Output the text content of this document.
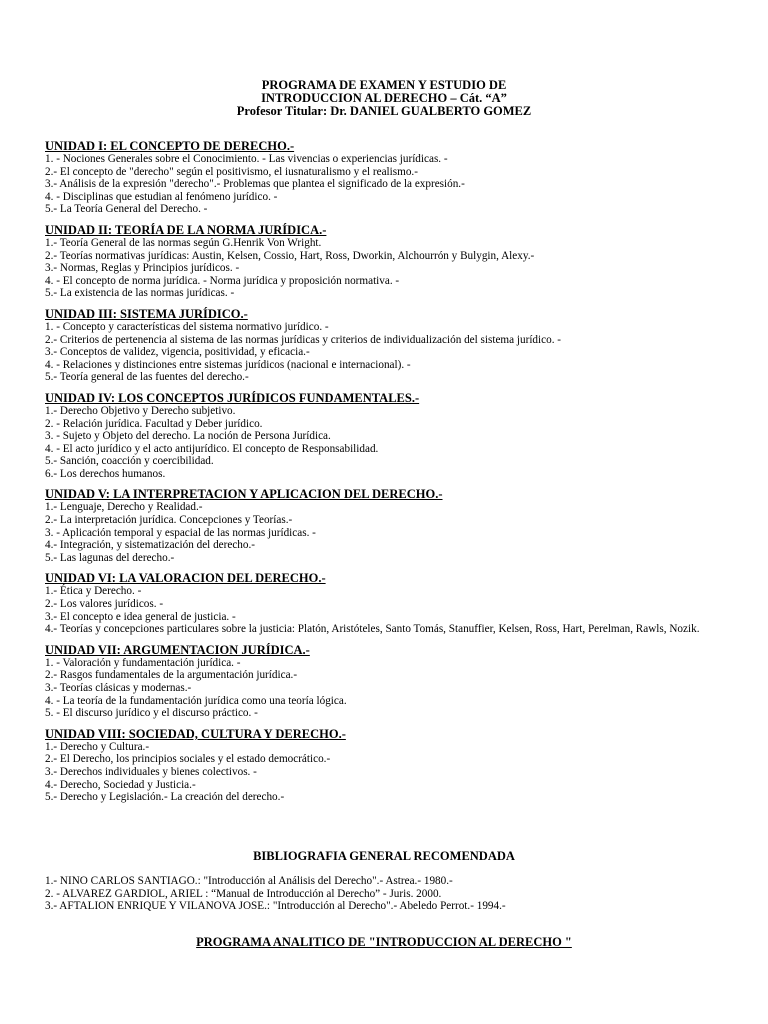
PROGRAMA DE EXAMEN Y ESTUDIO DE
INTRODUCCION AL DERECHO – Cát. “A”
Profesor Titular: Dr. DANIEL GUALBERTO GOMEZ
UNIDAD I: EL CONCEPTO DE DERECHO.-
1. - Nociones Generales sobre el Conocimiento. - Las vivencias o experiencias jurídicas. -
2.- El concepto de "derecho" según el positivismo, el iusnaturalismo y el realismo.-
3.- Análisis de la expresión "derecho".- Problemas que plantea el significado de la expresión.-
4. - Disciplinas que estudian al fenómeno jurídico. -
5.- La Teoría General del Derecho. -
UNIDAD II: TEORÍA DE LA NORMA JURÍDICA.-
1.- Teoría General de las normas según G.Henrik Von Wright.
2.- Teorías normativas jurídicas: Austin, Kelsen, Cossio, Hart, Ross, Dworkin, Alchourrón y Bulygin, Alexy.-
3.- Normas, Reglas y Principios jurídicos. -
4. - El concepto de norma jurídica. - Norma jurídica y proposición normativa. -
5.- La existencia de las normas jurídicas. -
UNIDAD III: SISTEMA JURÍDICO.-
1. - Concepto y características del sistema normativo jurídico. -
2.- Criterios de pertenencia al sistema de las normas jurídicas y criterios de individualización del sistema jurídico. -
3.- Conceptos de validez, vigencia, positividad, y eficacia.-
4. - Relaciones y distinciones entre sistemas jurídicos (nacional e internacional). -
5.- Teoría general de las fuentes del derecho.-
UNIDAD IV: LOS CONCEPTOS JURÍDICOS FUNDAMENTALES.-
1.- Derecho Objetivo y Derecho subjetivo.
2. - Relación jurídica. Facultad y Deber jurídico.
3. - Sujeto y Objeto del derecho. La noción de Persona Jurídica.
4. - El acto jurídico y el acto antijurídico. El concepto de Responsabilidad.
5.- Sanción, coacción y coercibilidad.
6.- Los derechos humanos.
UNIDAD V: LA INTERPRETACION Y APLICACION DEL DERECHO.-
1.- Lenguaje, Derecho y Realidad.-
2.- La interpretación jurídica. Concepciones y Teorías.-
3. - Aplicación temporal y espacial de las normas jurídicas. -
4.- Integración, y sistematización del derecho.-
5.- Las lagunas del derecho.-
UNIDAD VI: LA VALORACION DEL DERECHO.-
1.- Ética y Derecho. -
2.- Los valores jurídicos. -
3.- El concepto e idea general de justicia. -
4.- Teorías y concepciones particulares sobre la justicia: Platón, Aristóteles, Santo Tomás, Stanuffier, Kelsen, Ross, Hart, Perelman, Rawls, Nozik.
UNIDAD VII: ARGUMENTACION JURÍDICA.-
1. - Valoración y fundamentación jurídica. -
2.- Rasgos fundamentales de la argumentación jurídica.-
3.- Teorías clásicas y modernas.-
4. - La teoría de la fundamentación jurídica como una teoría lógica.
5. - El discurso jurídico y el discurso práctico. -
UNIDAD VIII: SOCIEDAD, CULTURA Y DERECHO.-
1.- Derecho y Cultura.-
2.- El Derecho, los principios sociales y el estado democrático.-
3.- Derechos individuales y bienes colectivos. -
4.- Derecho, Sociedad y Justicia.-
5.- Derecho y Legislación.- La creación del derecho.-
BIBLIOGRAFIA GENERAL RECOMENDADA
1.- NINO CARLOS SANTIAGO.: "Introducción al Análisis del Derecho".- Astrea.- 1980.-
2. - ALVAREZ GARDIOL, ARIEL : “Manual de Introducción al Derecho” - Juris. 2000.
3.- AFTALION ENRIQUE Y VILANOVA JOSE.: "Introducción al Derecho".- Abeledo Perrot.- 1994.-
PROGRAMA ANALITICO DE "INTRODUCCION AL DERECHO "
